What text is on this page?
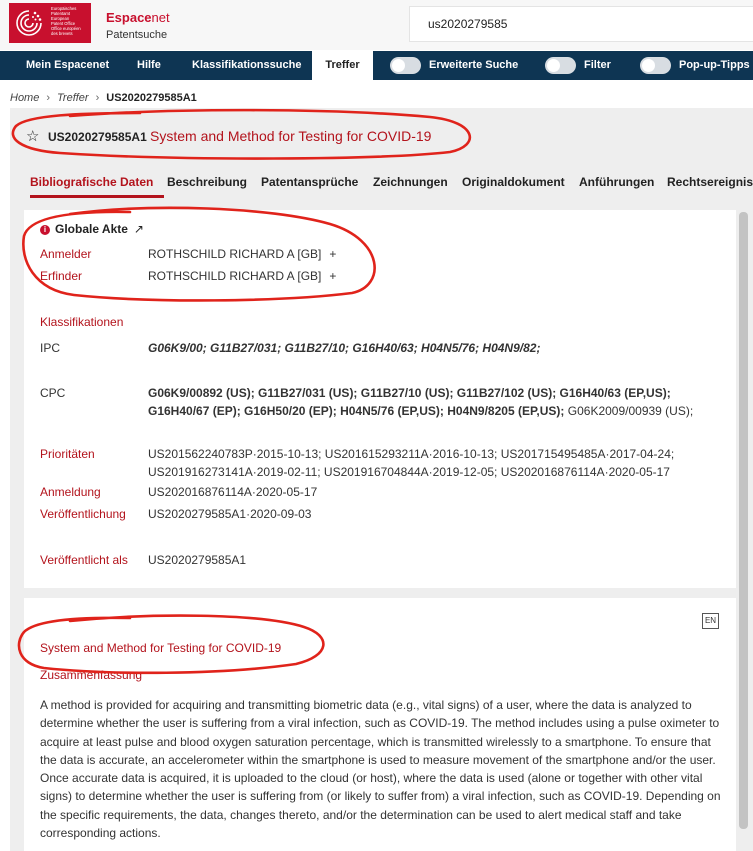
Europäisches
Patentamt
European
Patent Office
Office européen
des brevets
Espacenet
Patentsuche
us2020279585
Mein Espacenet	Hilfe	Klassifikationssuche	Treffer	Erweiterte Suche	Filter	Pop-up-Tipps
Home › Treffer › US2020279585A1
☆ US2020279585A1 System and Method for Testing for COVID-19
Bibliografische Daten Beschreibung Patentansprüche Zeichnungen Originaldokument Anführungen Rechtsereignis
i Globale Akte ↗
Anmelder	ROTHSCHILD RICHARD A [GB] +
Erfinder	ROTHSCHILD RICHARD A [GB] +
Klassifikationen
IPC	G06K9/00; G11B27/031; G11B27/10; G16H40/63; H04N5/76; H04N9/82;
CPC	G06K9/00892 (US); G11B27/031 (US); G11B27/10 (US); G11B27/102 (US); G16H40/63 (EP,US);
G16H40/67 (EP); G16H50/20 (EP); H04N5/76 (EP,US); H04N9/8205 (EP,US); G06K2009/00939 (US);
Prioritäten	US201562240783P·2015-10-13; US201615293211A·2016-10-13; US201715495485A·2017-04-24;
US201916273141A·2019-02-11; US201916704844A·2019-12-05; US202016876114A·2020-05-17
Anmeldung	US202016876114A·2020-05-17
Veröffentlichung US2020279585A1·2020-09-03
Veröffentlicht als US2020279585A1
EN
System and Method for Testing for COVID-19
Zusammenfassung
A method is provided for acquiring and transmitting biometric data (e.g., vital signs) of a user, where the data is analyzed to determine whether the user is suffering from a viral infection, such as COVID-19. The method includes using a pulse oximeter to acquire at least pulse and blood oxygen saturation percentage, which is transmitted wirelessly to a smartphone. To ensure that the data is accurate, an accelerometer within the smartphone is used to measure movement of the smartphone and/or the user. Once accurate data is acquired, it is uploaded to the cloud (or host), where the data is used (alone or together with other vital signs) to determine whether the user is suffering from (or likely to suffer from) a viral infection, such as COVID-19. Depending on the specific requirements, the data, changes thereto, and/or the determination can be used to alert medical staff and take corresponding actions.
